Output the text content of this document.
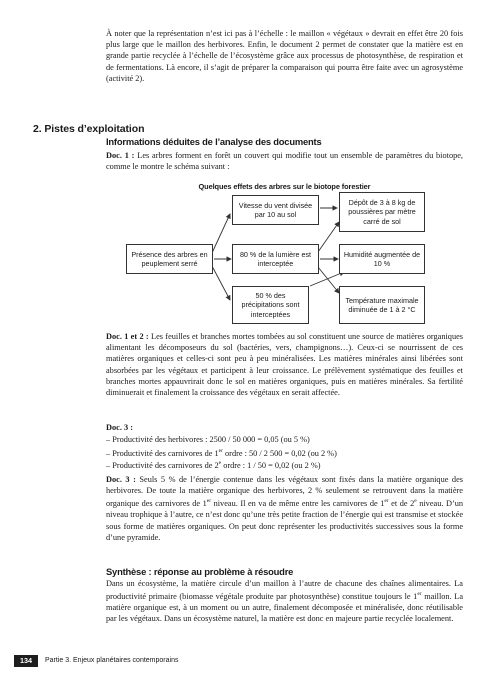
À noter que la représentation n’est ici pas à l’échelle : le maillon « végétaux » devrait en effet être 20 fois plus large que le maillon des herbivores. Enfin, le document 2 permet de constater que la matière est en grande partie recyclée à l’échelle de l’écosystème grâce aux processus de photosynthèse, de respiration et de fermentations. Là encore, il s’agit de préparer la comparaison qui pourra être faite avec un agrosystème (activité 2).
2. Pistes d’exploitation
Informations déduites de l’analyse des documents
Doc. 1 : Les arbres forment en forêt un couvert qui modifie tout un ensemble de paramètres du biotope, comme le montre le schéma suivant :
Quelques effets des arbres sur le biotope forestier
Présence des arbres en peuplement serré
Vitesse du vent divisée par 10 au sol
80 % de la lumière est interceptée
50 % des précipitations sont interceptées
Dépôt de 3 à 8 kg de poussières par mètre carré de sol
Humidité augmentée de 10 %
Température maximale diminuée de 1 à 2 °C
Doc. 1 et 2 : Les feuilles et branches mortes tombées au sol constituent une source de matières organiques alimentant les décomposeurs du sol (bactéries, vers, champignons…). Ceux-ci se nourrissent de ces matières organiques et celles-ci sont peu à peu minéralisées. Les matières minérales ainsi libérées sont absorbées par les végétaux et participent à leur croissance. Le prélèvement systématique des feuilles et branches mortes appauvrirait donc le sol en matières organiques, puis en matières minérales. Sa fertilité diminuerait et finalement la croissance des végétaux en serait affectée.
Doc. 3 :
– Productivité des herbivores : 2500 / 50 000 = 0,05 (ou 5 %)
– Productivité des carnivores de 1er ordre : 50 / 2 500 = 0,02 (ou 2 %)
– Productivité des carnivores de 2e ordre : 1 / 50 = 0,02 (ou 2 %)
Doc. 3 : Seuls 5 % de l’énergie contenue dans les végétaux sont fixés dans la matière organique des herbivores. De toute la matière organique des herbivores, 2 % seulement se retrouvent dans la matière organique des carnivores de 1er niveau. Il en va de même entre les carnivores de 1er et de 2e niveau. D’un niveau trophique à l’autre, ce n’est donc qu’une très petite fraction de l’énergie qui est transmise et stockée sous forme de matières organiques. On peut donc représenter les productivités successives sous la forme d’une pyramide.
Synthèse : réponse au problème à résoudre
Dans un écosystème, la matière circule d’un maillon à l’autre de chacune des chaînes alimentaires. La productivité primaire (biomasse végétale produite par photosynthèse) constitue toujours le 1er maillon. La matière organique est, à un moment ou un autre, finalement décomposée et minéralisée, donc réutilisable par les végétaux. Dans un écosystème naturel, la matière est donc en majeure partie recyclée localement.
134	Partie 3. Enjeux planétaires contemporains
